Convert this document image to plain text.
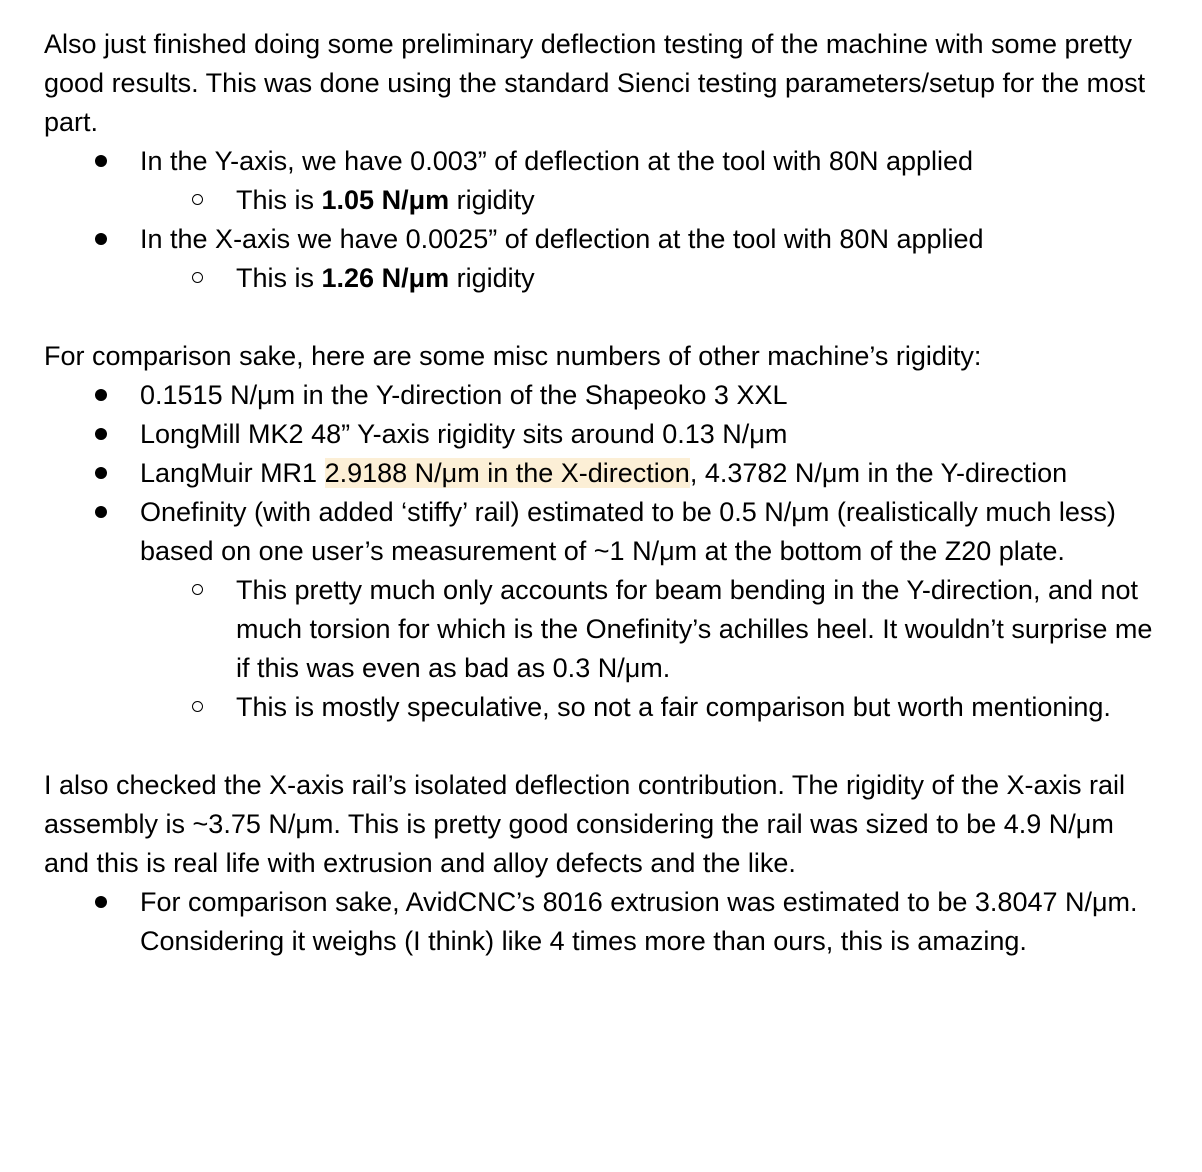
Also just finished doing some preliminary deflection testing of the machine with some pretty good results. This was done using the standard Sienci testing parameters/setup for the most part.

In the Y-axis, we have 0.003” of deflection at the tool with 80N applied
This is 1.05 N/μm rigidity
In the X-axis we have 0.0025” of deflection at the tool with 80N applied
This is 1.26 N/μm rigidity

For comparison sake, here are some misc numbers of other machine’s rigidity:

0.1515 N/μm in the Y-direction of the Shapeoko 3 XXL
LongMill MK2 48” Y-axis rigidity sits around 0.13 N/μm
LangMuir MR1 2.9188 N/μm in the X-direction, 4.3782 N/μm in the Y-direction
Onefinity (with added ‘stiffy’ rail) estimated to be 0.5 N/μm (realistically much less) based on one user’s measurement of ~1 N/μm at the bottom of the Z20 plate.
This pretty much only accounts for beam bending in the Y-direction, and not much torsion for which is the Onefinity’s achilles heel. It wouldn’t surprise me if this was even as bad as 0.3 N/μm.
This is mostly speculative, so not a fair comparison but worth mentioning.

I also checked the X-axis rail’s isolated deflection contribution. The rigidity of the X-axis rail assembly is ~3.75 N/μm. This is pretty good considering the rail was sized to be 4.9 N/μm and this is real life with extrusion and alloy defects and the like.

For comparison sake, AvidCNC’s 8016 extrusion was estimated to be 3.8047 N/μm. Considering it weighs (I think) like 4 times more than ours, this is amazing.
